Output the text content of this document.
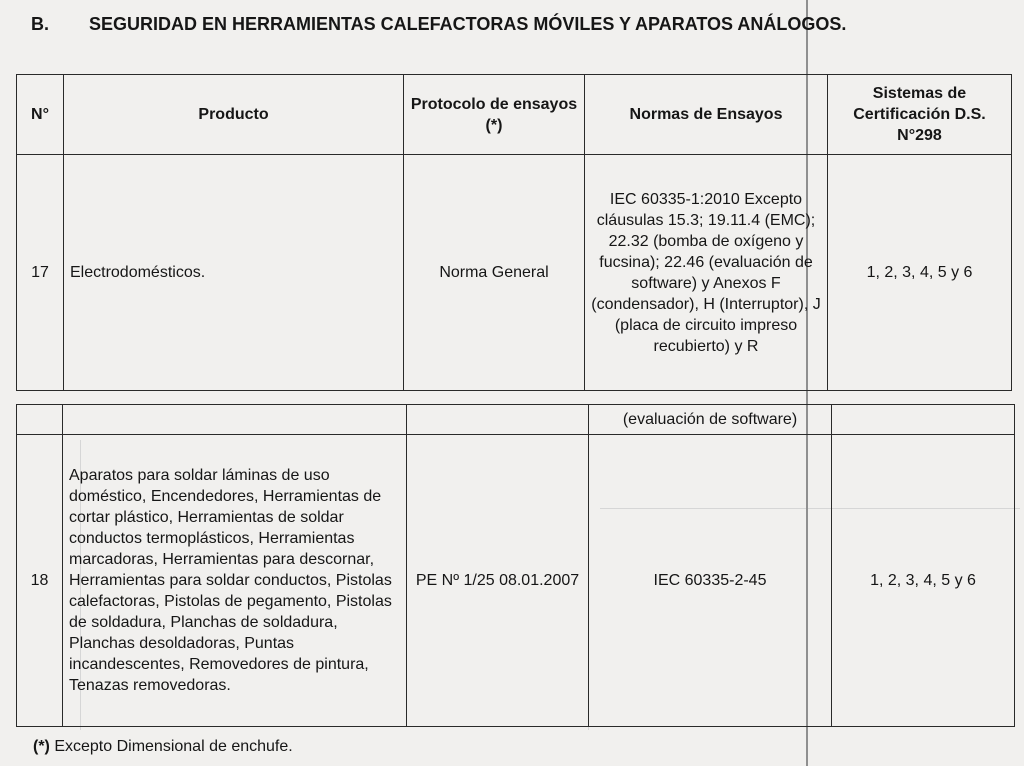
B. SEGURIDAD EN HERRAMIENTAS CALEFACTORAS MÓVILES Y APARATOS ANÁLOGOS.
N°	Producto	Protocolo de ensayos (*)	Normas de Ensayos	Sistemas de Certificación D.S. N°298
17	Electrodomésticos.	Norma General	IEC 60335-1:2010 Excepto cláusulas 15.3; 19.11.4 (EMC); 22.32 (bomba de oxígeno y fucsina); 22.46 (evaluación de software) y Anexos F (condensador), H (Interruptor), J (placa de circuito impreso recubierto) y R	1, 2, 3, 4, 5 y 6
			(evaluación de software)	
18	Aparatos para soldar láminas de uso doméstico, Encendedores, Herramientas de cortar plástico, Herramientas de soldar conductos termoplásticos, Herramientas marcadoras, Herramientas para descornar, Herramientas para soldar conductos, Pistolas calefactoras, Pistolas de pegamento, Pistolas de soldadura, Planchas de soldadura, Planchas desoldadoras, Puntas incandescentes, Removedores de pintura, Tenazas removedoras.	PE Nº 1/25 08.01.2007	IEC 60335-2-45	1, 2, 3, 4, 5 y 6
(*) Excepto Dimensional de enchufe.
